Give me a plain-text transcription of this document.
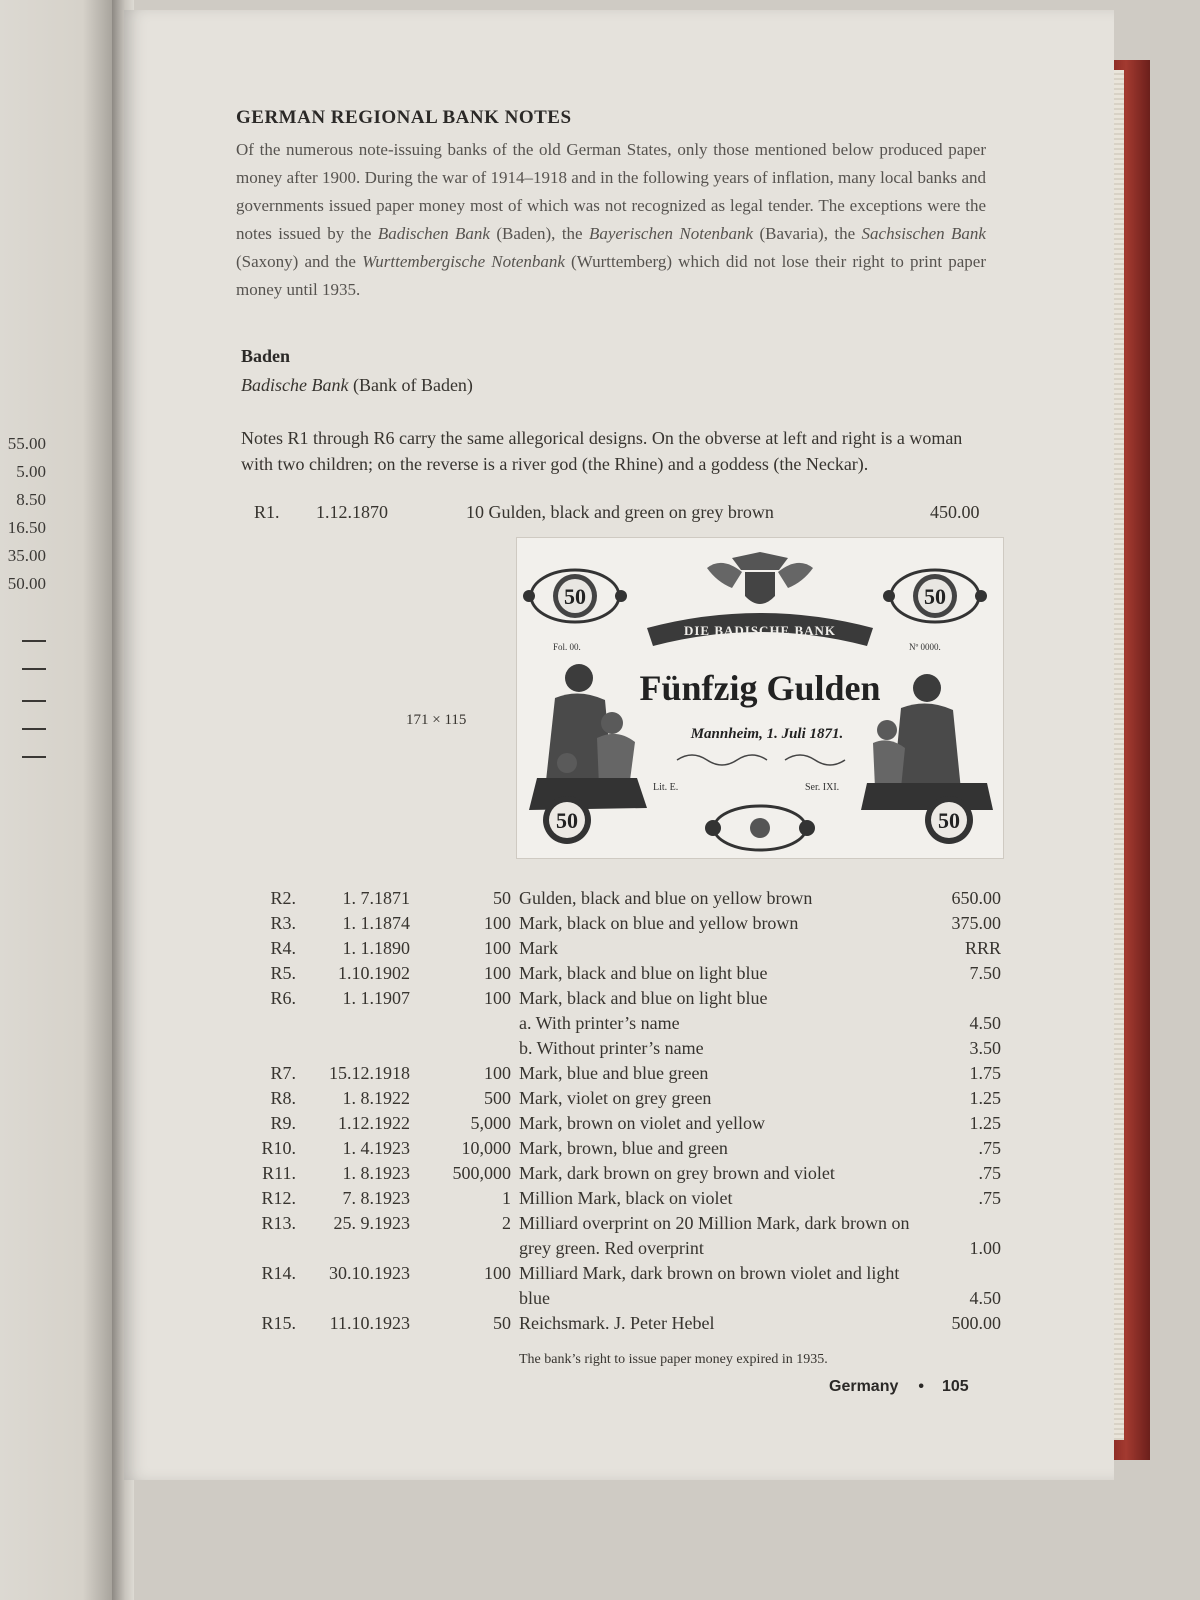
55.00
5.00
8.50
16.50
35.00
50.00
GERMAN REGIONAL BANK NOTES
Of the numerous note-issuing banks of the old German States, only those mentioned below produced paper money after 1900. During the war of 1914–1918 and in the following years of inflation, many local banks and governments issued paper money most of which was not recognized as legal tender. The exceptions were the notes issued by the Badischen Bank (Baden), the Bayerischen Notenbank (Bavaria), the Sachsischen Bank (Saxony) and the Wurttembergische Notenbank (Wurttemberg) which did not lose their right to print paper money until 1935.
Baden
Badische Bank (Bank of Baden)
Notes R1 through R6 carry the same allegorical designs. On the obverse at left and right is a woman with two children; on the reverse is a river god (the Rhine) and a goddess (the Neckar).
R1. 1.12.1870	10 Gulden, black and green on grey brown	450.00
171 × 115
50	50
DIE BADISCHE BANK
Fol. 00.	Nº 0000.
Fünfzig Gulden
Mannheim, 1. Juli 1871.
Lit. E.	Ser. IXI.
50	50
R2.	1. 7.1871	50 Gulden, black and blue on yellow brown	650.00
R3.	1. 1.1874	100 Mark, black on blue and yellow brown	375.00
R4.	1. 1.1890	100 Mark	RRR
R5.	1.10.1902	100 Mark, black and blue on light blue	7.50
R6.	1. 1.1907	100 Mark, black and blue on light blue
a. With printer’s name	4.50
b. Without printer’s name	3.50
R7.	15.12.1918	100 Mark, blue and blue green	1.75
R8.	1. 8.1922	500 Mark, violet on grey green	1.25
R9.	1.12.1922	5,000 Mark, brown on violet and yellow	1.25
R10.	1. 4.1923	10,000 Mark, brown, blue and green	.75
R11.	1. 8.1923	500,000 Mark, dark brown on grey brown and violet	.75
R12.	7. 8.1923	1 Million Mark, black on violet	.75
R13.	25. 9.1923	2 Milliard overprint on 20 Million Mark, dark brown on grey green. Red overprint	1.00
R14.	30.10.1923	100 Milliard Mark, dark brown on brown violet and light blue	4.50
R15.	11.10.1923	50 Reichsmark. J. Peter Hebel	500.00
The bank’s right to issue paper money expired in 1935.
Germany • 105
